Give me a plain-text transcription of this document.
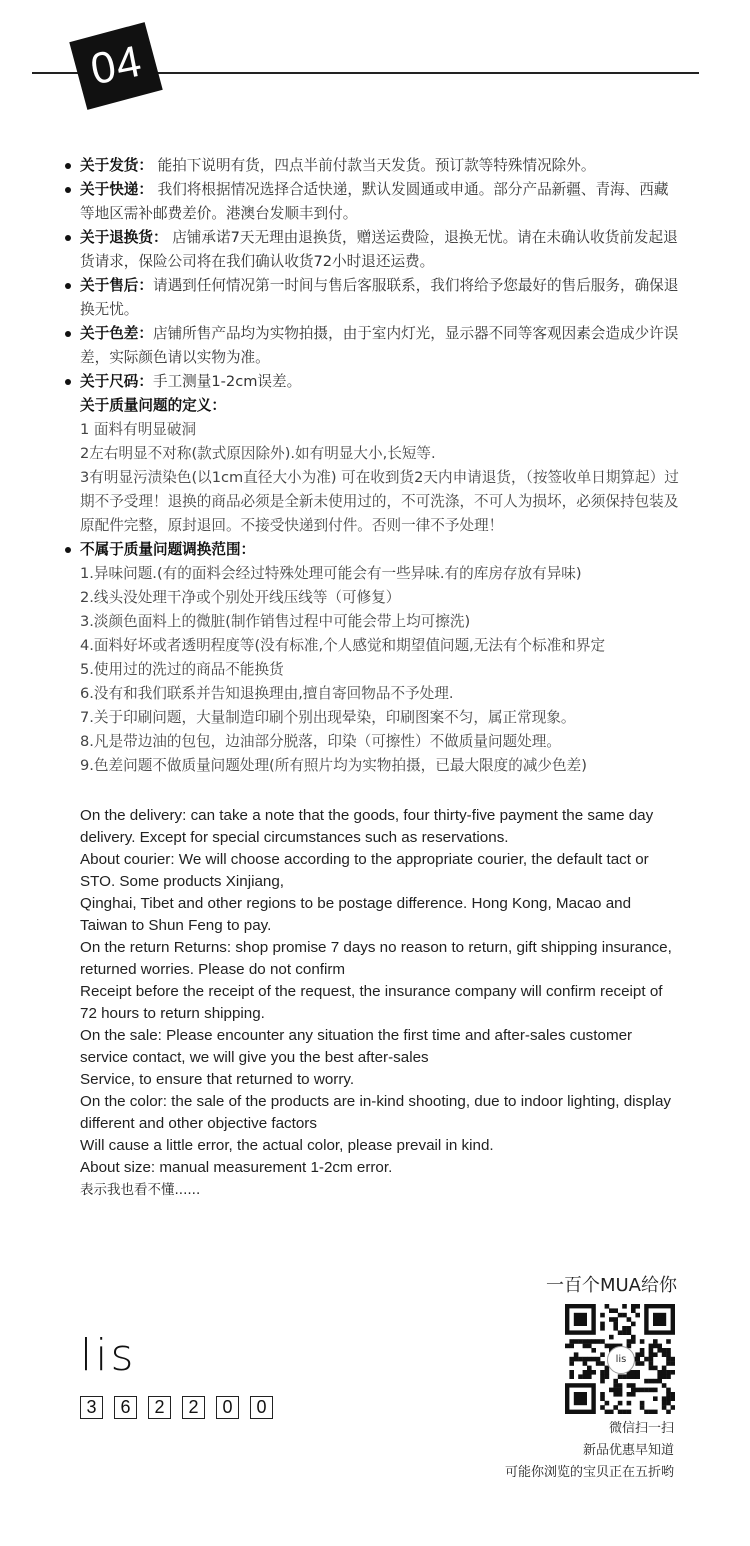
04

关于发货： 能拍下说明有货，四点半前付款当天发货。预订款等特殊情况除外。

关于快递： 我们将根据情况选择合适快递，默认发圆通或申通。部分产品新疆、青海、西藏等地区需补邮费差价。港澳台发顺丰到付。

关于退换货： 店铺承诺7天无理由退换货，赠送运费险，退换无忧。请在未确认收货前发起退货请求，保险公司将在我们确认收货72小时退还运费。

关于售后：请遇到任何情况第一时间与售后客服联系，我们将给予您最好的售后服务，确保退换无忧。

关于色差：店铺所售产品均为实物拍摄，由于室内灯光，显示器不同等客观因素会造成少许误差，实际颜色请以实物为准。

关于尺码：手工测量1-2cm误差。

关于质量问题的定义：

1 面料有明显破洞

2左右明显不对称(款式原因除外).如有明显大小,长短等.

3有明显污渍染色(以1cm直径大小为准) 可在收到货2天内申请退货，（按签收单日期算起）过期不予受理！退换的商品必须是全新未使用过的，不可洗涤，不可人为损坏，必须保持包装及原配件完整，原封退回。不接受快递到付件。否则一律不予处理！

不属于质量问题调换范围：

1.异味问题.(有的面料会经过特殊处理可能会有一些异味.有的库房存放有异味)

2.线头没处理干净或个别处开线压线等（可修复）

3.淡颜色面料上的微脏(制作销售过程中可能会带上均可擦洗)

4.面料好坏或者透明程度等(没有标准,个人感觉和期望值问题,无法有个标准和界定

5.使用过的洗过的商品不能换货

6.没有和我们联系并告知退换理由,擅自寄回物品不予处理.

7.关于印刷问题，大量制造印刷个别出现晕染，印刷图案不匀，属正常现象。

8.凡是带边油的包包，边油部分脱落，印染（可擦性）不做质量问题处理。

9.色差问题不做质量问题处理(所有照片均为实物拍摄，已最大限度的减少色差)

On the delivery: can take a note that the goods, four thirty-five payment the same day delivery. Except for special circumstances such as reservations.

About courier: We will choose according to the appropriate courier, the default tact or STO. Some products Xinjiang,

Qinghai, Tibet and other regions to be postage difference. Hong Kong, Macao and Taiwan to Shun Feng to pay.

On the return Returns: shop promise 7 days no reason to return, gift shipping insurance, returned worries. Please do not confirm

Receipt before the receipt of the request, the insurance company will confirm receipt of 72 hours to return shipping.

On the sale: Please encounter any situation the first time and after-sales customer service contact, we will give you the best after-sales

Service, to ensure that returned to worry.

On the color: the sale of the products are in-kind shooting, due to indoor lighting, display different and other objective factors

Will cause a little error, the actual color, please prevail in kind.

About size: manual measurement 1-2cm error.

表示我也看不懂......

lis
3	6	2	2	0	0
一百个MUA给你
lis
微信扫一扫
新品优惠早知道
可能你浏览的宝贝正在五折哟
